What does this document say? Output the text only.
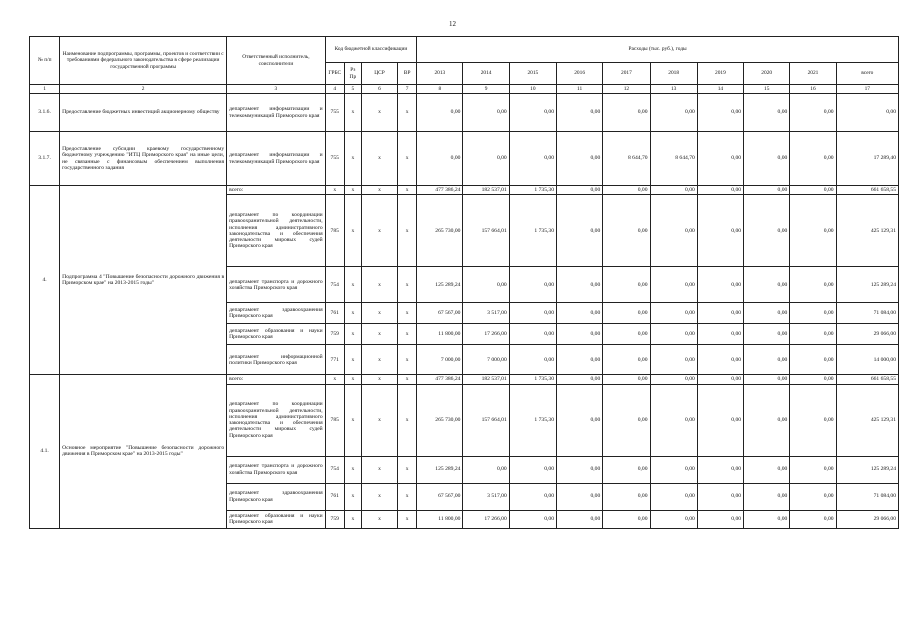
12
№ п/п	Наименование подпрограммы, программы, проектов и соответствии с требованиями федерального законодательства в сфере реализации государственной программы	Ответственный исполнитель, соисполнители	Код бюджетной классификации				Расходы (тыс. руб.), годы									
			ГРБС	Рз Пр	ЦСР	ВР	2013	2014	2015	2016	2017	2018	2019	2020	2021	всего
1	2	3	4	5	6	7	8	9	10	11	12	13	14	15	16	17
3.1.6.	Предоставление бюджетных инвестиций акционерному обществу	департамент информатизации и телекоммуникаций Приморского края	755	x	x	x	0,00	0,00	0,00	0,00	0,00	0,00	0,00	0,00	0,00	0,00
3.1.7.	Предоставление субсидии краевому государственному бюджетному учреждению "ИТЦ Приморского края" на иные цели, не связанные с финансовым обеспечением выполнения государственного задания	департамент информатизации и телекоммуникаций Приморского края	755	x	x	x	0,00	0,00	0,00	0,00	8 644,70	8 644,70	0,00	0,00	0,00	17 289,40
4.	Подпрограмма 4 "Повышение безопасности дорожного движения в Приморском крае" на 2013-2015 годы"	всего:	x	x	x	x	477 386,24	182 537,01	1 735,30	0,00	0,00	0,00	0,00	0,00	0,00	661 658,55
		департамент по координации правоохранительной деятельности, исполнения административного законодательства и обеспечения деятельности мировых судей Приморского края	785	x	x	x	265 730,00	157 664,01	1 735,30	0,00	0,00	0,00	0,00	0,00	0,00	425 129,31
		департамент транспорта и дорожного хозяйства Приморского края	754	x	x	x	125 289,24	0,00	0,00	0,00	0,00	0,00	0,00	0,00	0,00	125 289,24
		департамент здравоохранения Приморского края	761	x	x	x	67 567,00	3 517,00	0,00	0,00	0,00	0,00	0,00	0,00	0,00	71 084,00
		департамент образования и науки Приморского края	759	x	x	x	11 800,00	17 266,00	0,00	0,00	0,00	0,00	0,00	0,00	0,00	29 066,00
		департамент информационной политики Приморского края	771	x	x	x	7 000,00	7 000,00	0,00	0,00	0,00	0,00	0,00	0,00	0,00	14 000,00
4.1.	Основное мероприятие "Повышение безопасности дорожного движения в Приморском крае" на 2013-2015 годы"	всего:	x	x	x	x	477 386,24	182 537,01	1 735,30	0,00	0,00	0,00	0,00	0,00	0,00	661 658,55
		департамент по координации правоохранительной деятельности, исполнения административного законодательства и обеспечения деятельности мировых судей Приморского края	785	x	x	x	265 730,00	157 664,01	1 735,30	0,00	0,00	0,00	0,00	0,00	0,00	425 129,31
		департамент транспорта и дорожного хозяйства Приморского края	754	x	x	x	125 289,24	0,00	0,00	0,00	0,00	0,00	0,00	0,00	0,00	125 289,24
		департамент здравоохранения Приморского края	761	x	x	x	67 567,00	3 517,00	0,00	0,00	0,00	0,00	0,00	0,00	0,00	71 084,00
		департамент образования и науки Приморского края	759	x	x	x	11 800,00	17 266,00	0,00	0,00	0,00	0,00	0,00	0,00	0,00	29 066,00
